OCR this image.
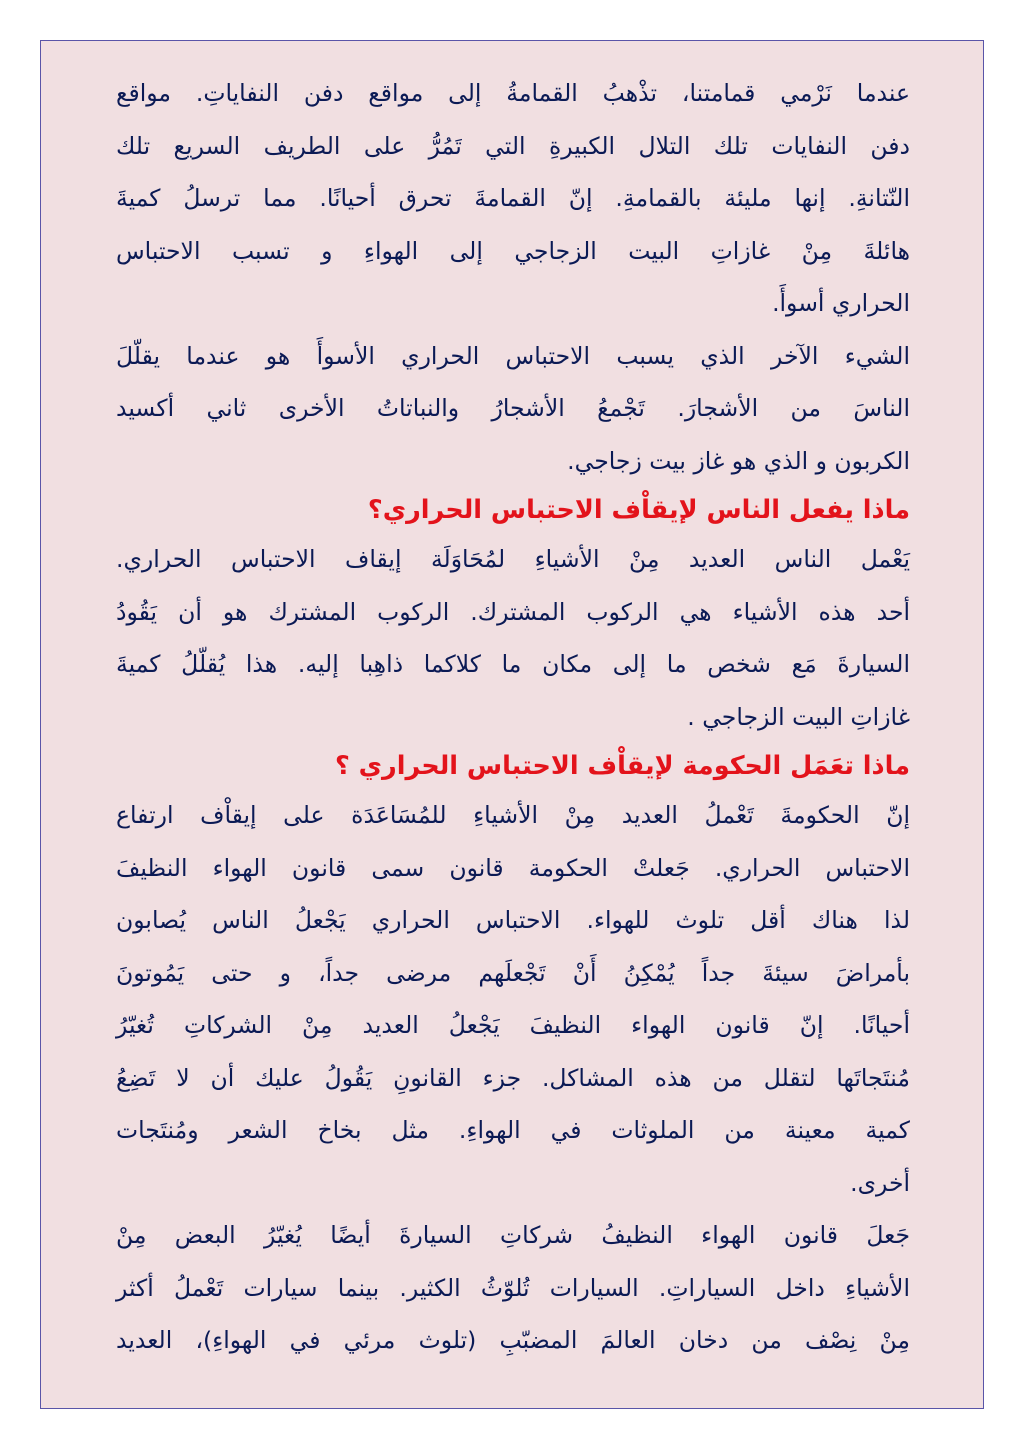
عندما نَرْمي قمامتنا، تذْهبُ القمامةُ إلى مواقع دفن النفاياتِ. مواقع
دفن النفايات تلك التلال الكبيرةِ التي تَمُرُّ على الطريف السريع تلك
النّتانةِ. إنها مليئة بالقمامةِ. إنّ القمامةَ تحرق أحيانًا. مما ترسلُ كميةَ
هائلةَ مِنْ غازاتِ البيت الزجاجي إلى الهواءِ و تسبب الاحتباس
الحراري أسوأَ.
الشيء الآخر الذي يسبب الاحتباس الحراري الأسوأَ هو عندما يقلّلَ
الناسَ من الأشجارَ. تَجْمعُ الأشجارُ والنباتاتُ الأخرى ثاني أكسيد
الكربون و الذي هو غاز بيت زجاجي.
ماذا يفعل الناس لإيقاْف الاحتباس الحراري؟
يَعْمل الناس العديد مِنْ الأشياءِ لمُحَاوَلَة إيقاف الاحتباس الحراري.
أحد هذه الأشياء هي الركوب المشترك. الركوب المشترك هو أن يَقُودُ
السيارةَ مَع شخص ما إلى مكان ما كلاكما ذاهِبا إليه. هذا يُقلّلُ كميةَ
غازاتِ البيت الزجاجي .
ماذا تعَمَل الحكومة لإيقاْف الاحتباس الحراري ؟
إنّ الحكومةَ تَعْملُ العديد مِنْ الأشياءِ للمُسَاعَدَة على إيقاْف ارتفاع
الاحتباس الحراري. جَعلتْ الحكومة قانون سمى قانون الهواء النظيفَ
لذا هناك أقل تلوث للهواء. الاحتباس الحراري يَجْعلُ الناس يُصابون
بأمراضَ سيئةَ جداً يُمْكِنُ أَنْ تَجْعلَهم مرضى جداً، و حتى يَمُوتونَ
أحيانًا. إنّ قانون الهواء النظيفَ يَجْعلُ العديد مِنْ الشركاتِ تُغيّرُ
مُنتَجاتَها لتقلل من هذه المشاكل. جزء القانونِ يَقُولُ عليك أن لا تَضِعُ
كمية معينة من الملوثات في الهواءِ. مثل بخاخ الشعر ومُنتَجات
أخرى.
جَعلَ قانون الهواء النظيفُ شركاتِ السيارةَ أيضًا يُغيّرُ البعض مِنْ
الأشياءِ داخل السياراتِ. السيارات تُلوّثُ الكثير. بينما سيارات تَعْملُ أكثر
مِنْ نِصْف من دخان العالمَ المضبّبِ (تلوث مرئي في الهواءِ)، العديد
